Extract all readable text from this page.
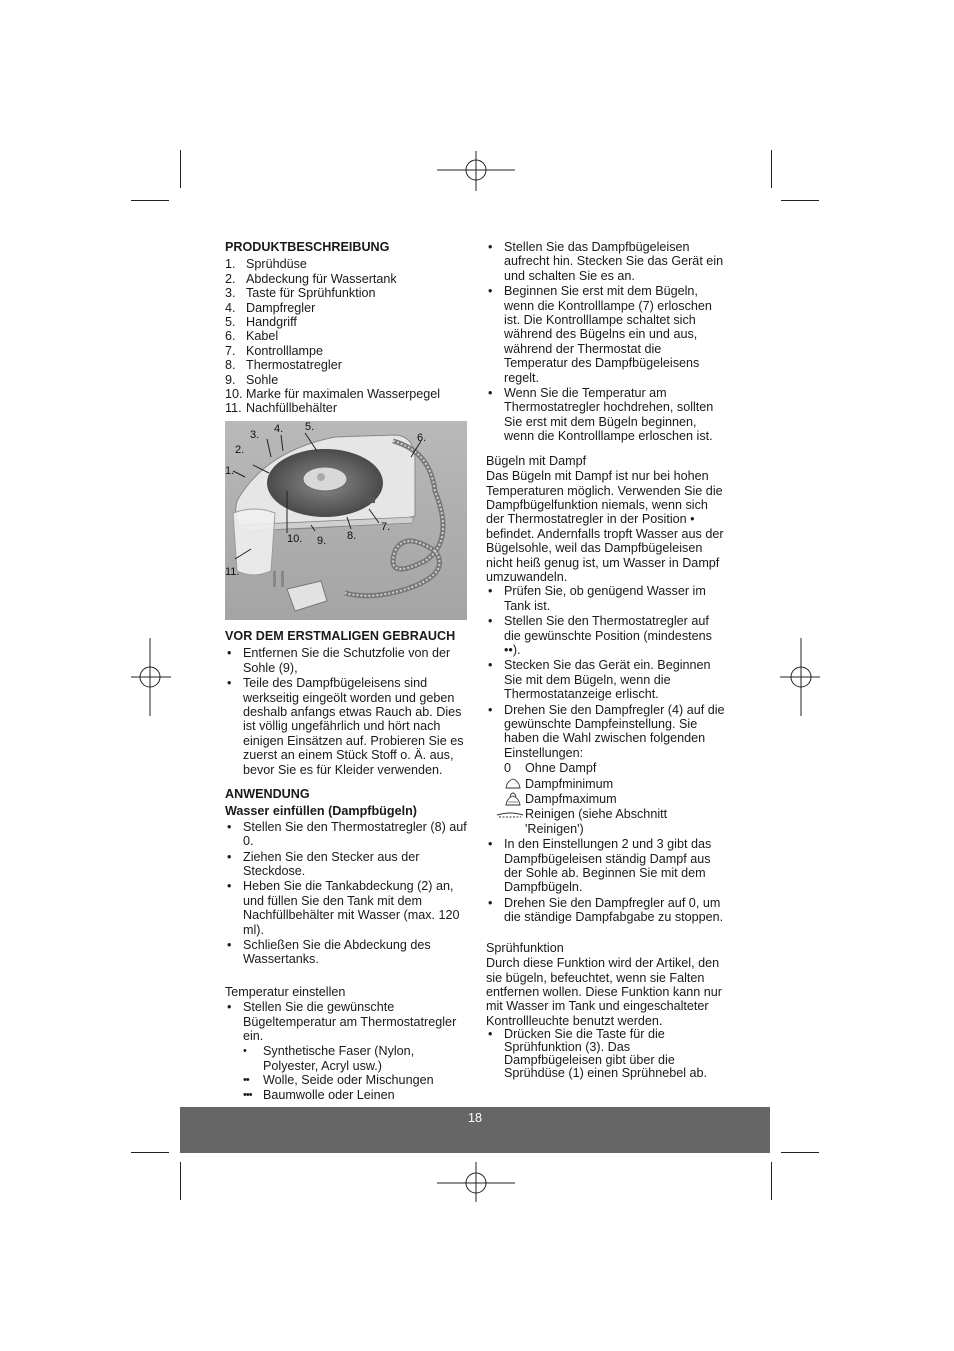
PRODUKTBESCHREIBUNG
1. Sprühdüse
2. Abdeckung für Wassertank
3. Taste für Sprühfunktion
4. Dampfregler
5. Handgriff
6. Kabel
7. Kontrolllampe
8. Thermostatregler
9. Sohle
10. Marke für maximalen Wasserpegel
11. Nachfüllbehälter
1.
2.
3. 4. 5.
6.
7.
8.
9.
10.
11.
VOR DEM ERSTMALIGEN GEBRAUCH
• Entfernen Sie die Schutzfolie von der Sohle (9),
• Teile des Dampfbügeleisens sind werkseitig eingeölt worden und geben deshalb anfangs etwas Rauch ab. Dies ist völlig ungefährlich und hört nach einigen Einsätzen auf. Probieren Sie es zuerst an einem Stück Stoff o. Ä. aus, bevor Sie es für Kleider verwenden.
ANWENDUNG

Wasser einfüllen (Dampfbügeln)

• Stellen Sie den Thermostatregler (8) auf 0.
• Ziehen Sie den Stecker aus der Steckdose.
• Heben Sie die Tankabdeckung (2) an, und füllen Sie den Tank mit dem Nachfüllbehälter mit Wasser (max. 120 ml).
• Schließen Sie die Abdeckung des Wassertanks.

Temperatur einstellen

• Stellen Sie die gewünschte Bügeltemperatur am Thermostatregler ein.
•	Synthetische Faser (Nylon, Polyester, Acryl usw.)
••	Wolle, Seide oder Mischungen
••• Baumwolle oder Leinen
• Stellen Sie das Dampfbügeleisen aufrecht hin. Stecken Sie das Gerät ein und schalten Sie es an.
• Beginnen Sie erst mit dem Bügeln, wenn die Kontrolllampe (7) erloschen ist. Die Kontrolllampe schaltet sich während des Bügelns ein und aus, während der Thermostat die Temperatur des Dampfbügeleisens regelt.
• Wenn Sie die Temperatur am Thermostatregler hochdrehen, sollten Sie erst mit dem Bügeln beginnen, wenn die Kontrolllampe erloschen ist.

Bügeln mit Dampf

Das Bügeln mit Dampf ist nur bei hohen Temperaturen möglich. Verwenden Sie die Dampfbügelfunktion niemals, wenn sich der Thermostatregler in der Position • befindet. Andernfalls tropft Wasser aus der Bügelsohle, weil das Dampfbügeleisen nicht heiß genug ist, um Wasser in Dampf umzuwandeln.

• Prüfen Sie, ob genügend Wasser im Tank ist.
• Stellen Sie den Thermostatregler auf die gewünschte Position (mindestens ••).
• Stecken Sie das Gerät ein. Beginnen Sie mit dem Bügeln, wenn die Thermostatanzeige erlischt.
• Drehen Sie den Dampfregler (4) auf die gewünschte Dampfeinstellung. Sie haben die Wahl zwischen folgenden Einstellungen:
0	Ohne Dampf
Dampfminimum
Dampfmaximum
Reinigen (siehe Abschnitt 'Reinigen')
• In den Einstellungen 2 und 3 gibt das Dampfbügeleisen ständig Dampf aus der Sohle ab. Beginnen Sie mit dem Dampfbügeln.
• Drehen Sie den Dampfregler auf 0, um die ständige Dampfabgabe zu stoppen.

Sprühfunktion

Durch diese Funktion wird der Artikel, den sie bügeln, befeuchtet, wenn sie Falten entfernen wollen. Diese Funktion kann nur mit Wasser im Tank und eingeschalteter Kontrollleuchte benutzt werden.

• Drücken Sie die Taste für die Sprühfunktion (3). Das Dampfbügeleisen gibt über die Sprühdüse (1) einen Sprühnebel ab.
18
